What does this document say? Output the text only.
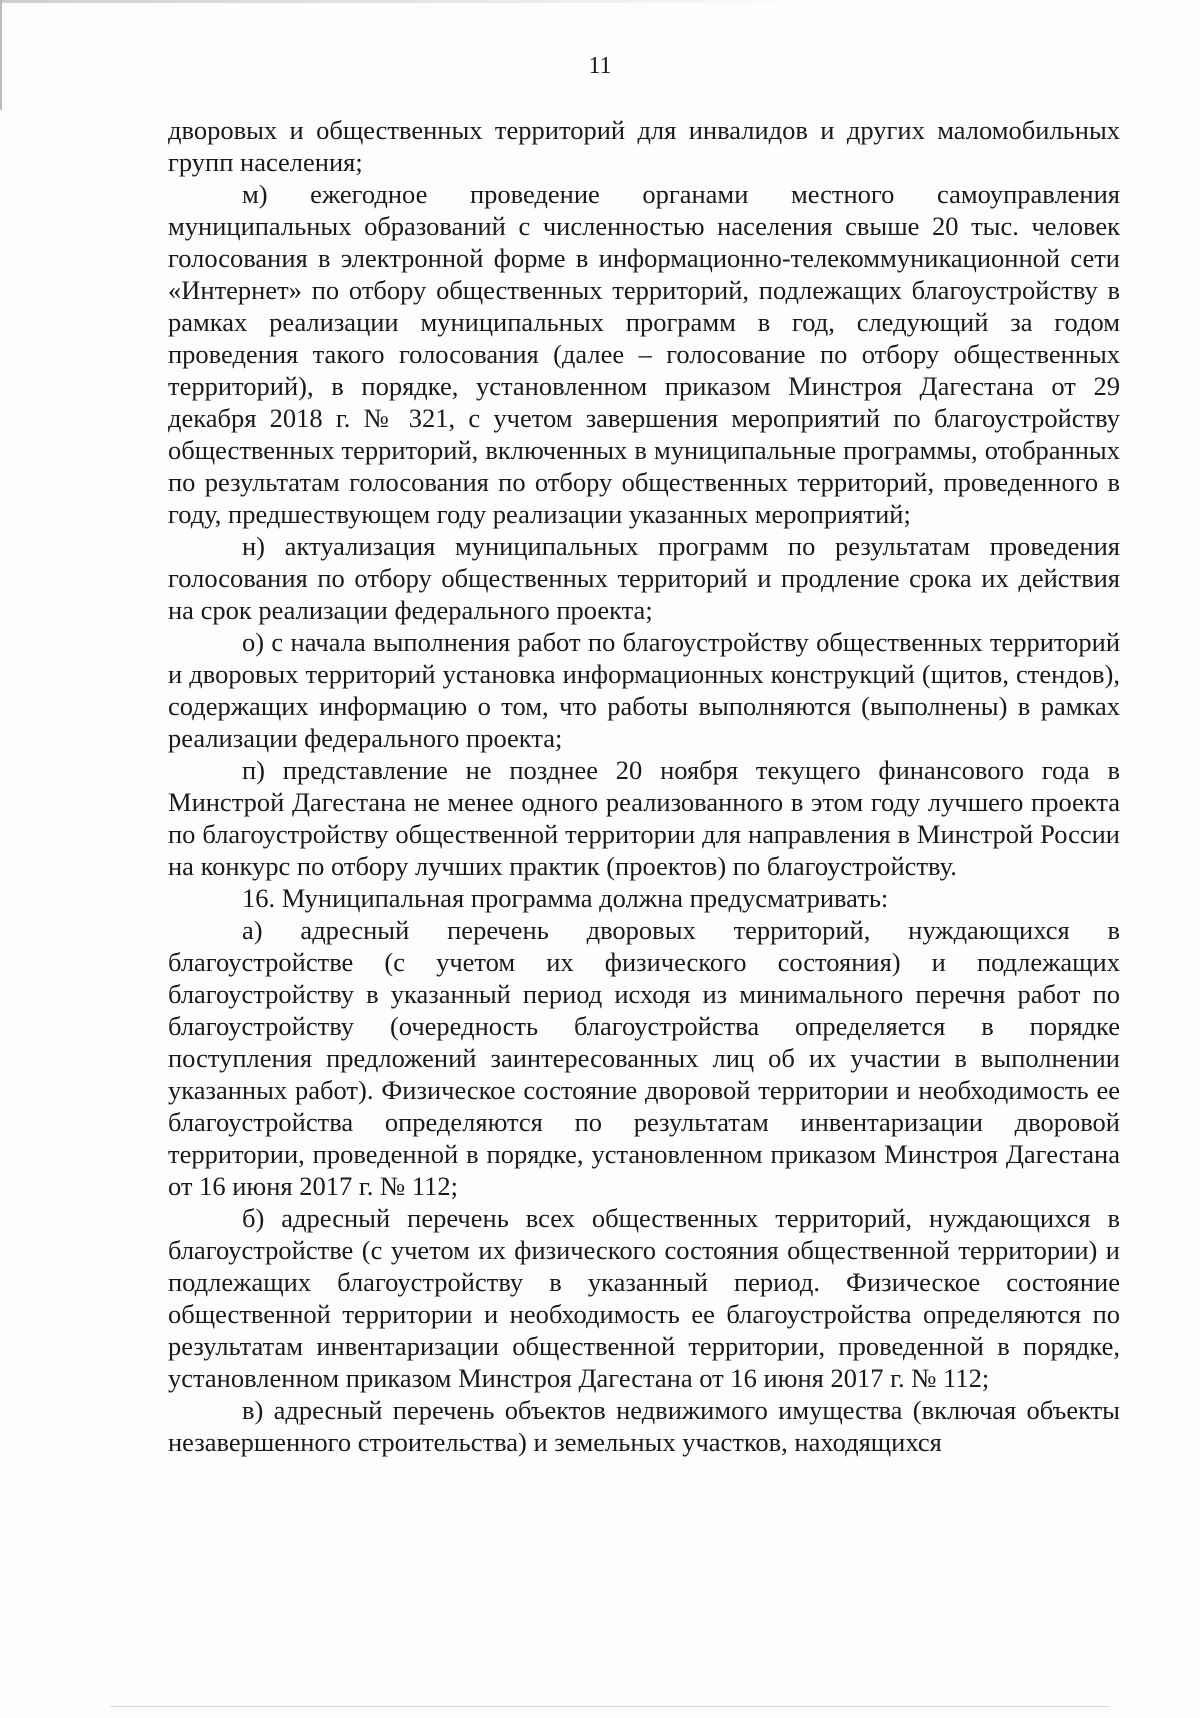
11

дворовых и общественных территорий для инвалидов и других маломобильных групп населения;

м) ежегодное проведение органами местного самоуправления муниципальных образований с численностью населения свыше 20 тыс. человек голосования в электронной форме в информационно-телекоммуникационной сети «Интернет» по отбору общественных территорий, подлежащих благоустройству в рамках реализации муниципальных программ в год, следующий за годом проведения такого голосования (далее – голосование по отбору общественных территорий), в порядке, установленном приказом Минстроя Дагестана от 29 декабря 2018 г. № 321, с учетом завершения мероприятий по благоустройству общественных территорий, включенных в муниципальные программы, отобранных по результатам голосования по отбору общественных территорий, проведенного в году, предшествующем году реализации указанных мероприятий;

н) актуализация муниципальных программ по результатам проведения голосования по отбору общественных территорий и продление срока их действия на срок реализации федерального проекта;

о) с начала выполнения работ по благоустройству общественных территорий и дворовых территорий установка информационных конструкций (щитов, стендов), содержащих информацию о том, что работы выполняются (выполнены) в рамках реализации федерального проекта;

п) представление не позднее 20 ноября текущего финансового года в Минстрой Дагестана не менее одного реализованного в этом году лучшего проекта по благоустройству общественной территории для направления в Минстрой России на конкурс по отбору лучших практик (проектов) по благоустройству.

16. Муниципальная программа должна предусматривать:

а) адресный перечень дворовых территорий, нуждающихся в благоустройстве (с учетом их физического состояния) и подлежащих благоустройству в указанный период исходя из минимального перечня работ по благоустройству (очередность благоустройства определяется в порядке поступления предложений заинтересованных лиц об их участии в выполнении указанных работ). Физическое состояние дворовой территории и необходимость ее благоустройства определяются по результатам инвентаризации дворовой территории, проведенной в порядке, установленном приказом Минстроя Дагестана от 16 июня 2017 г. № 112;

б) адресный перечень всех общественных территорий, нуждающихся в благоустройстве (с учетом их физического состояния общественной территории) и подлежащих благоустройству в указанный период. Физическое состояние общественной территории и необходимость ее благоустройства определяются по результатам инвентаризации общественной территории, проведенной в порядке, установленном приказом Минстроя Дагестана от 16 июня 2017 г. № 112;

в) адресный перечень объектов недвижимого имущества (включая объекты незавершенного строительства) и земельных участков, находящихся
